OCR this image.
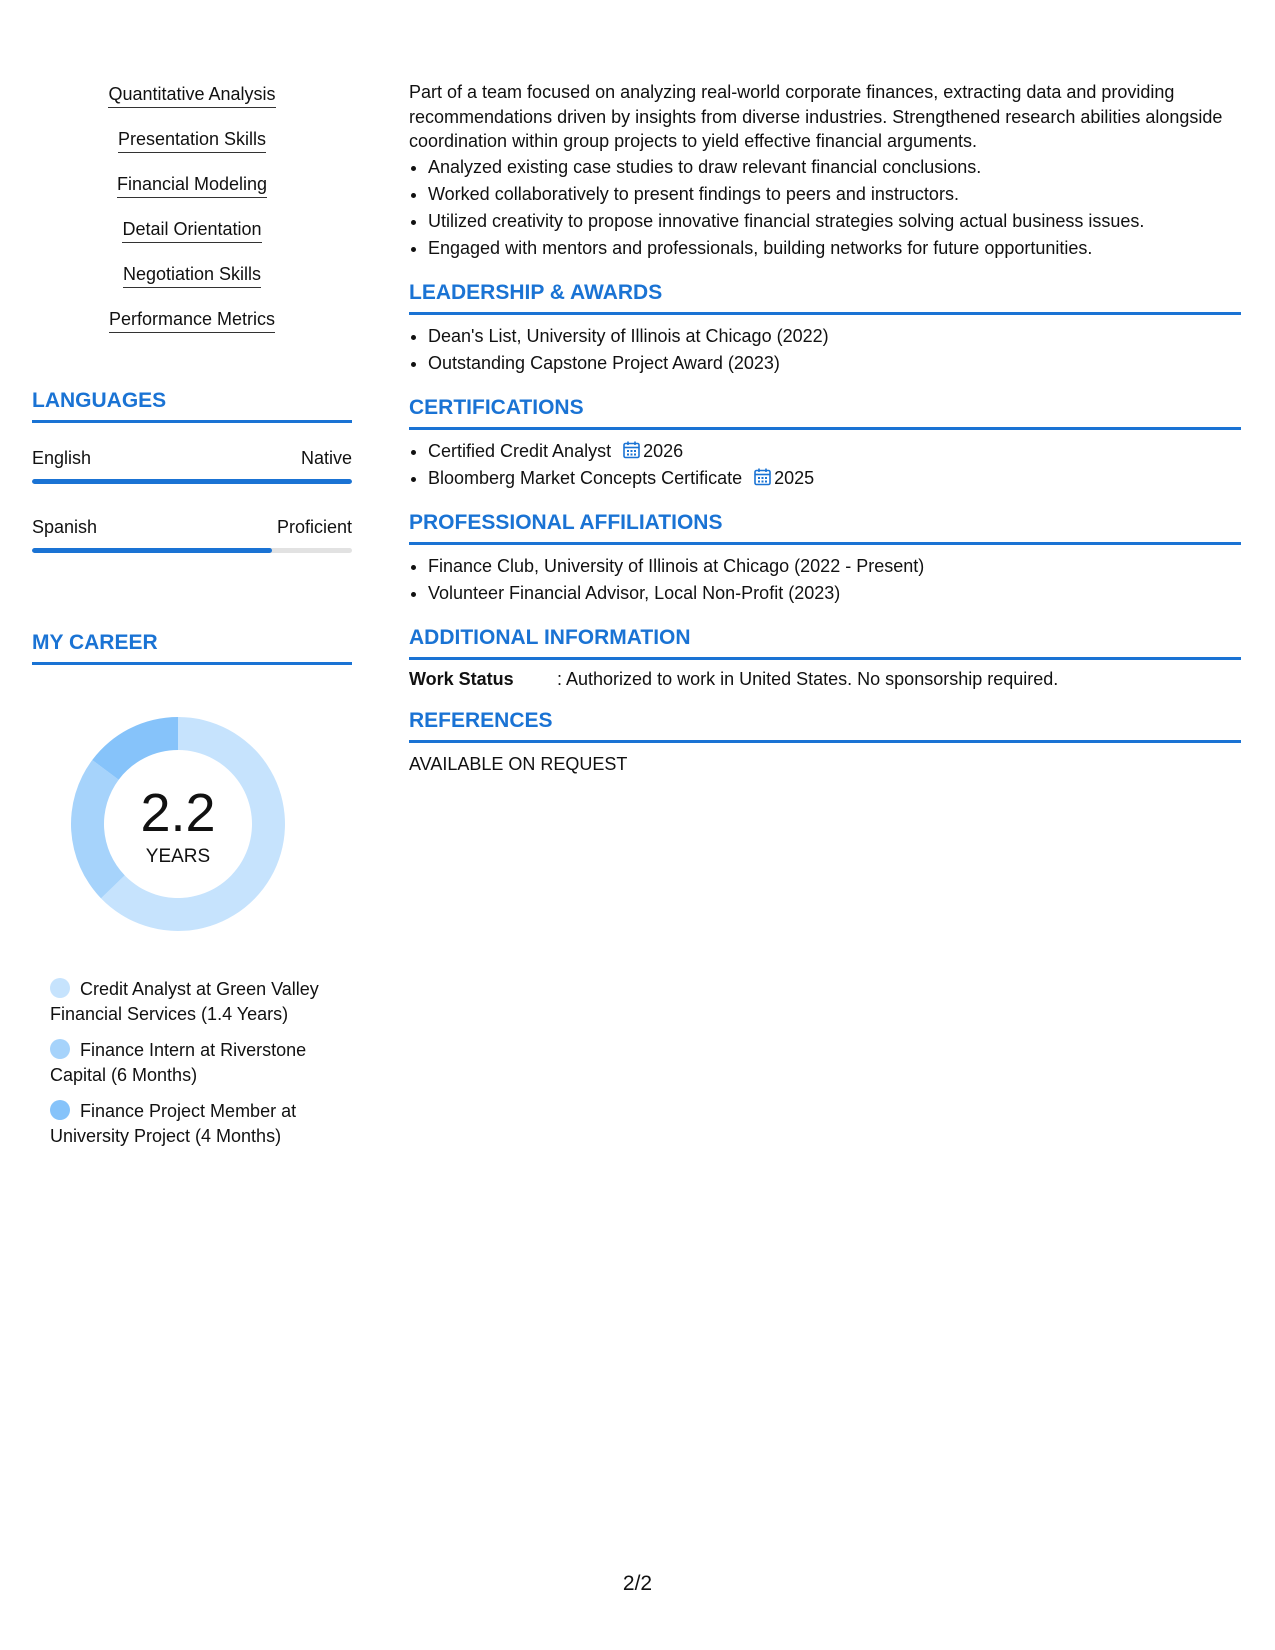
Quantitative Analysis
Presentation Skills
Financial Modeling
Detail Orientation
Negotiation Skills
Performance Metrics
LANGUAGES
English	Native
Spanish	Proficient
MY CAREER
2.2
YEARS
Credit Analyst at Green Valley Financial Services (1.4 Years)
Finance Intern at Riverstone Capital (6 Months)
Finance Project Member at University Project (4 Months)

Part of a team focused on analyzing real-world corporate finances, extracting data and providing recommendations driven by insights from diverse industries. Strengthened research abilities alongside coordination within group projects to yield effective financial arguments.

• Analyzed existing case studies to draw relevant financial conclusions.
• Worked collaboratively to present findings to peers and instructors.
• Utilized creativity to propose innovative financial strategies solving actual business issues.
• Engaged with mentors and professionals, building networks for future opportunities.
LEADERSHIP & AWARDS
• Dean's List, University of Illinois at Chicago (2022)
• Outstanding Capstone Project Award (2023)
CERTIFICATIONS
• Certified Credit Analyst 2026
• Bloomberg Market Concepts Certificate 2025
PROFESSIONAL AFFILIATIONS
• Finance Club, University of Illinois at Chicago (2022 - Present)
• Volunteer Financial Advisor, Local Non-Profit (2023)
ADDITIONAL INFORMATION
Work Status	: Authorized to work in United States. No sponsorship required.
REFERENCES
AVAILABLE ON REQUEST
2/2
